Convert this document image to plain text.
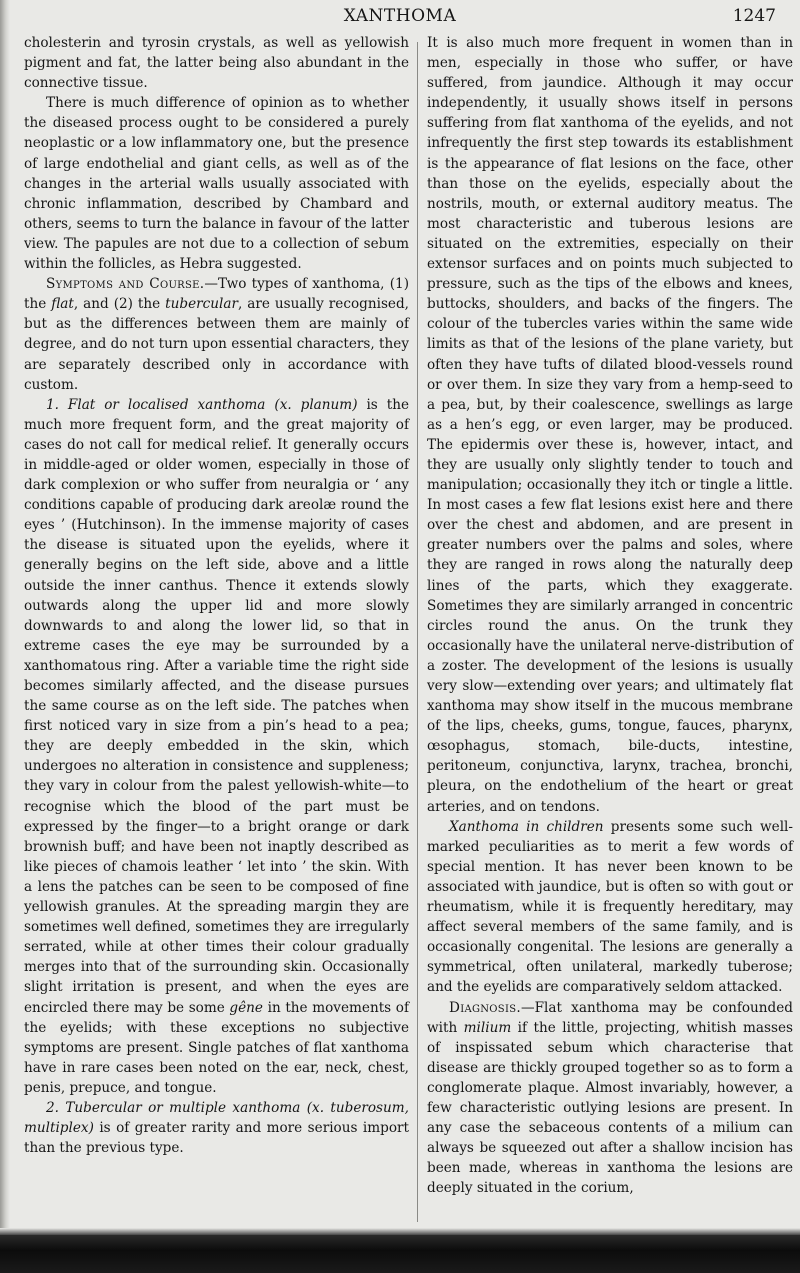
XANTHOMA	1247

cholesterin and tyrosin crystals, as well as yellowish pigment and fat, the latter being also abundant in the connective tissue.

There is much difference of opinion as to whether the diseased process ought to be considered a purely neoplastic or a low inflammatory one, but the presence of large endothelial and giant cells, as well as of the changes in the arterial walls usually associated with chronic inflammation, described by Chambard and others, seems to turn the balance in favour of the latter view. The papules are not due to a collection of sebum within the follicles, as Hebra suggested.

Symptoms and Course.—Two types of xanthoma, (1) the flat, and (2) the tubercular, are usually recognised, but as the differences between them are mainly of degree, and do not turn upon essential characters, they are separately described only in accordance with custom.

1. Flat or localised xanthoma (x. planum) is the much more frequent form, and the great majority of cases do not call for medical relief. It generally occurs in middle-aged or older women, especially in those of dark complexion or who suffer from neuralgia or ‘ any conditions capable of producing dark areolæ round the eyes ’ (Hutchinson). In the immense majority of cases the disease is situated upon the eyelids, where it generally begins on the left side, above and a little outside the inner canthus. Thence it extends slowly outwards along the upper lid and more slowly downwards to and along the lower lid, so that in extreme cases the eye may be surrounded by a xanthomatous ring. After a variable time the right side becomes similarly affected, and the disease pursues the same course as on the left side. The patches when first noticed vary in size from a pin’s head to a pea; they are deeply embedded in the skin, which undergoes no alteration in consistence and suppleness; they vary in colour from the palest yellowish-white—to recognise which the blood of the part must be expressed by the finger—to a bright orange or dark brownish buff; and have been not inaptly described as like pieces of chamois leather ‘ let into ’ the skin. With a lens the patches can be seen to be composed of fine yellowish granules. At the spreading margin they are sometimes well defined, sometimes they are irregularly serrated, while at other times their colour gradually merges into that of the surrounding skin. Occasionally slight irritation is present, and when the eyes are encircled there may be some gêne in the movements of the eyelids; with these exceptions no subjective symptoms are present. Single patches of flat xanthoma have in rare cases been noted on the ear, neck, chest, penis, prepuce, and tongue.

2. Tubercular or multiple xanthoma (x. tuberosum, multiplex) is of greater rarity and more serious import than the previous type.

It is also much more frequent in women than in men, especially in those who suffer, or have suffered, from jaundice. Although it may occur independently, it usually shows itself in persons suffering from flat xanthoma of the eyelids, and not infrequently the first step towards its establishment is the appearance of flat lesions on the face, other than those on the eyelids, especially about the nostrils, mouth, or external auditory meatus. The most characteristic and tuberous lesions are situated on the extremities, especially on their extensor surfaces and on points much subjected to pressure, such as the tips of the elbows and knees, buttocks, shoulders, and backs of the fingers. The colour of the tubercles varies within the same wide limits as that of the lesions of the plane variety, but often they have tufts of dilated blood-vessels round or over them. In size they vary from a hemp-seed to a pea, but, by their coalescence, swellings as large as a hen’s egg, or even larger, may be produced. The epidermis over these is, however, intact, and they are usually only slightly tender to touch and manipulation; occasionally they itch or tingle a little. In most cases a few flat lesions exist here and there over the chest and abdomen, and are present in greater numbers over the palms and soles, where they are ranged in rows along the naturally deep lines of the parts, which they exaggerate. Sometimes they are similarly arranged in concentric circles round the anus. On the trunk they occasionally have the unilateral nerve-distribution of a zoster. The development of the lesions is usually very slow—extending over years; and ultimately flat xanthoma may show itself in the mucous membrane of the lips, cheeks, gums, tongue, fauces, pharynx, œsophagus, stomach, bile-ducts, intestine, peritoneum, conjunctiva, larynx, trachea, bronchi, pleura, on the endothelium of the heart or great arteries, and on tendons.

Xanthoma in children presents some such well-marked peculiarities as to merit a few words of special mention. It has never been known to be associated with jaundice, but is often so with gout or rheumatism, while it is frequently hereditary, may affect several members of the same family, and is occasionally congenital. The lesions are generally a symmetrical, often unilateral, markedly tuberose; and the eyelids are comparatively seldom attacked.

Diagnosis.—Flat xanthoma may be confounded with milium if the little, projecting, whitish masses of inspissated sebum which characterise that disease are thickly grouped together so as to form a conglomerate plaque. Almost invariably, however, a few characteristic outlying lesions are present. In any case the sebaceous contents of a milium can always be squeezed out after a shallow incision has been made, whereas in xanthoma the lesions are deeply situated in the corium,
